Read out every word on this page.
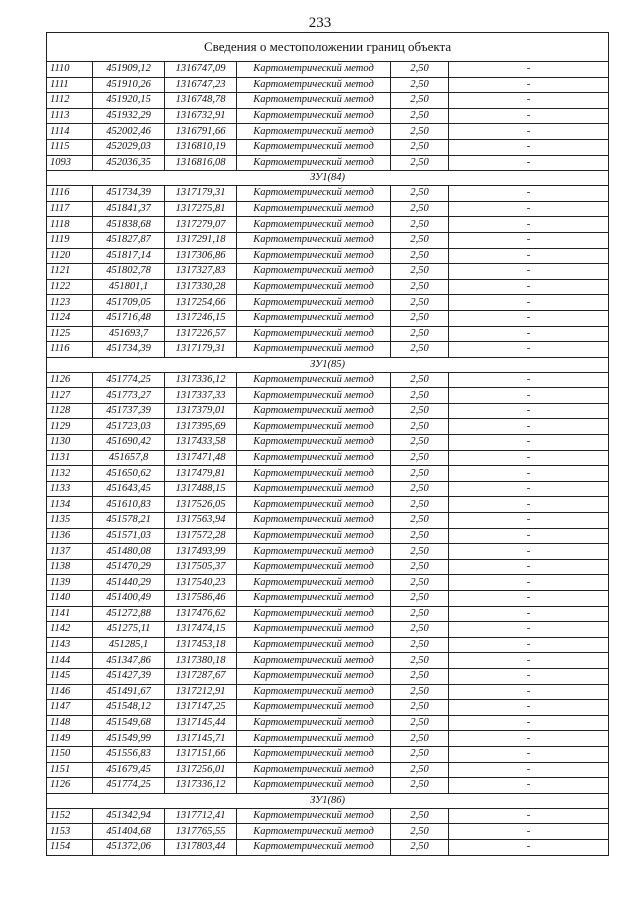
233
Сведения о местоположении границ объекта					
1110	451909,12	1316747,09	Картометрический метод	2,50	-
1111	451910,26	1316747,23	Картометрический метод	2,50	-
1112	451920,15	1316748,78	Картометрический метод	2,50	-
1113	451932,29	1316732,91	Картометрический метод	2,50	-
1114	452002,46	1316791,66	Картометрический метод	2,50	-
1115	452029,03	1316810,19	Картометрический метод	2,50	-
1093	452036,35	1316816,08	Картометрический метод	2,50	-
ЗУ1(84)					
1116	451734,39	1317179,31	Картометрический метод	2,50	-
1117	451841,37	1317275,81	Картометрический метод	2,50	-
1118	451838,68	1317279,07	Картометрический метод	2,50	-
1119	451827,87	1317291,18	Картометрический метод	2,50	-
1120	451817,14	1317306,86	Картометрический метод	2,50	-
1121	451802,78	1317327,83	Картометрический метод	2,50	-
1122	451801,1	1317330,28	Картометрический метод	2,50	-
1123	451709,05	1317254,66	Картометрический метод	2,50	-
1124	451716,48	1317246,15	Картометрический метод	2,50	-
1125	451693,7	1317226,57	Картометрический метод	2,50	-
1116	451734,39	1317179,31	Картометрический метод	2,50	-
ЗУ1(85)					
1126	451774,25	1317336,12	Картометрический метод	2,50	-
1127	451773,27	1317337,33	Картометрический метод	2,50	-
1128	451737,39	1317379,01	Картометрический метод	2,50	-
1129	451723,03	1317395,69	Картометрический метод	2,50	-
1130	451690,42	1317433,58	Картометрический метод	2,50	-
1131	451657,8	1317471,48	Картометрический метод	2,50	-
1132	451650,62	1317479,81	Картометрический метод	2,50	-
1133	451643,45	1317488,15	Картометрический метод	2,50	-
1134	451610,83	1317526,05	Картометрический метод	2,50	-
1135	451578,21	1317563,94	Картометрический метод	2,50	-
1136	451571,03	1317572,28	Картометрический метод	2,50	-
1137	451480,08	1317493,99	Картометрический метод	2,50	-
1138	451470,29	1317505,37	Картометрический метод	2,50	-
1139	451440,29	1317540,23	Картометрический метод	2,50	-
1140	451400,49	1317586,46	Картометрический метод	2,50	-
1141	451272,88	1317476,62	Картометрический метод	2,50	-
1142	451275,11	1317474,15	Картометрический метод	2,50	-
1143	451285,1	1317453,18	Картометрический метод	2,50	-
1144	451347,86	1317380,18	Картометрический метод	2,50	-
1145	451427,39	1317287,67	Картометрический метод	2,50	-
1146	451491,67	1317212,91	Картометрический метод	2,50	-
1147	451548,12	1317147,25	Картометрический метод	2,50	-
1148	451549,68	1317145,44	Картометрический метод	2,50	-
1149	451549,99	1317145,71	Картометрический метод	2,50	-
1150	451556,83	1317151,66	Картометрический метод	2,50	-
1151	451679,45	1317256,01	Картометрический метод	2,50	-
1126	451774,25	1317336,12	Картометрический метод	2,50	-
ЗУ1(86)					
1152	451342,94	1317712,41	Картометрический метод	2,50	-
1153	451404,68	1317765,55	Картометрический метод	2,50	-
1154	451372,06	1317803,44	Картометрический метод	2,50	-
